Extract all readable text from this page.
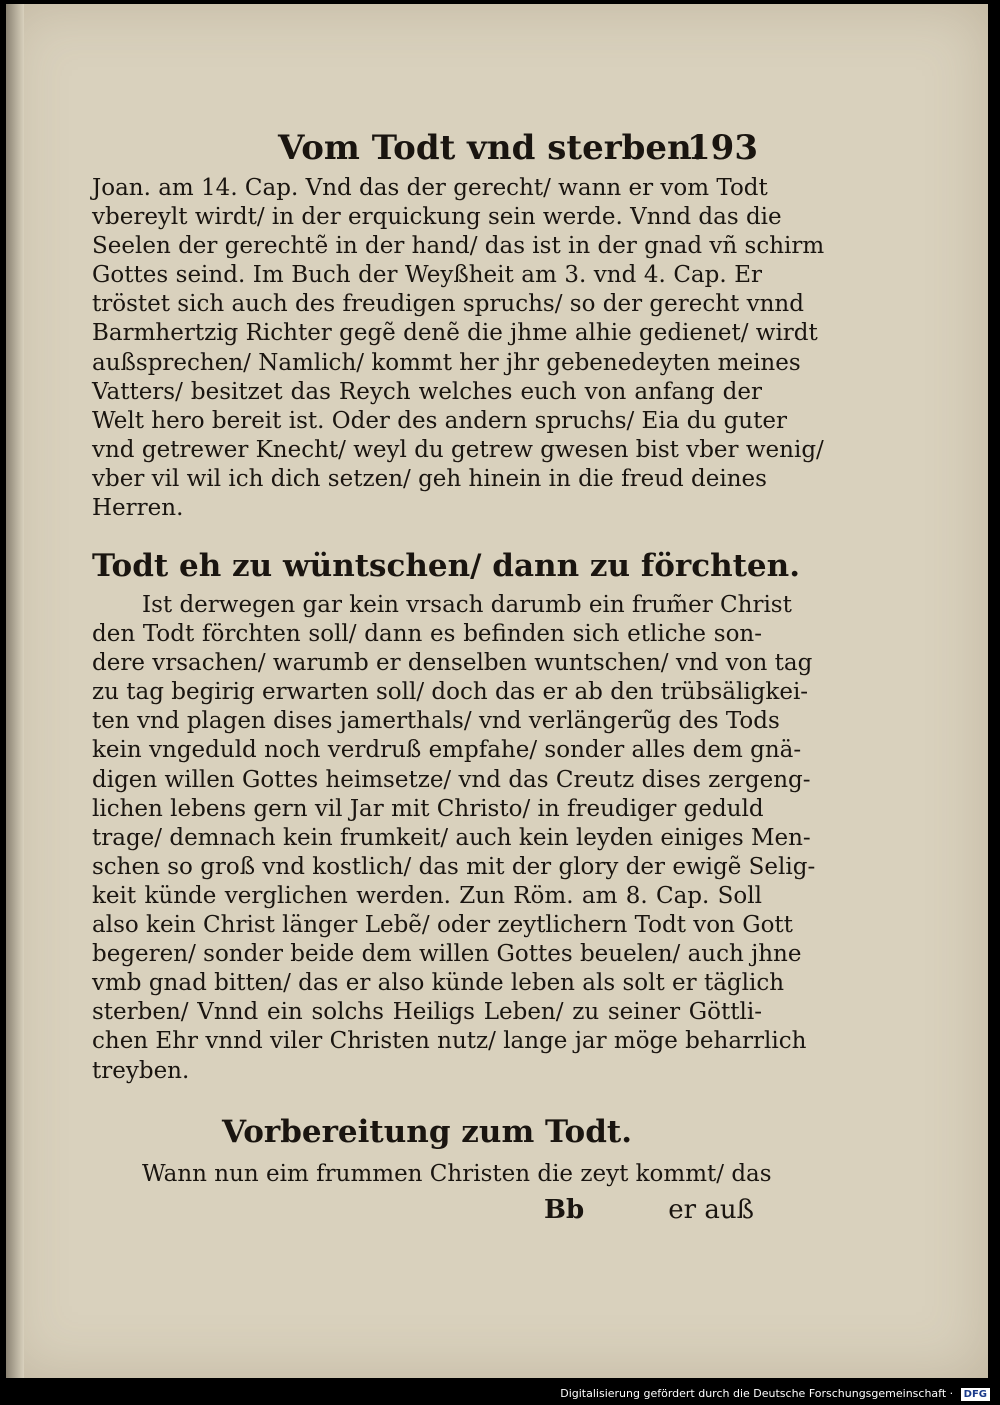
Vom Todt vnd sterben.
193
Joan. am 14. Cap. Vnd das der gerecht/ wann er vom Todt
vbereylt wirdt/ in der erquickung sein werde. Vnnd das die
Seelen der gerechtẽ in der hand/ das ist in der gnad vñ schirm
Gottes seind. Im Buch der Weyßheit am 3. vnd 4. Cap. Er
tröstet sich auch des freudigen spruchs/ so der gerecht vnnd
Barmhertzig Richter gegẽ denẽ die jhme alhie gedienet/ wirdt
außsprechen/ Namlich/ kommt her jhr gebenedeyten meines
Vatters/ besitzet das Reych welches euch von anfang der
Welt hero bereit ist. Oder des andern spruchs/ Eia du guter
vnd getrewer Knecht/ weyl du getrew gwesen bist vber wenig/
vber vil wil ich dich setzen/ geh hinein in die freud deines
Herren.
Todt eh zu wüntschen/ dann zu förchten.
Ist derwegen gar kein vrsach darumb ein frum̃er Christ
den Todt förchten soll/ dann es befinden sich etliche son-
dere vrsachen/ warumb er denselben wuntschen/ vnd von tag
zu tag begirig erwarten soll/ doch das er ab den trübsäligkei-
ten vnd plagen dises jamerthals/ vnd verlängerũg des Tods
kein vngeduld noch verdruß empfahe/ sonder alles dem gnä-
digen willen Gottes heimsetze/ vnd das Creutz dises zergeng-
lichen lebens gern vil Jar mit Christo/ in freudiger geduld
trage/ demnach kein frumkeit/ auch kein leyden einiges Men-
schen so groß vnd kostlich/ das mit der glory der ewigẽ Selig-
keit künde verglichen werden. Zun Röm. am 8. Cap. Soll
also kein Christ länger Lebẽ/ oder zeytlichern Todt von Gott
begeren/ sonder beide dem willen Gottes beuelen/ auch jhne
vmb gnad bitten/ das er also künde leben als solt er täglich
sterben/ Vnnd ein solchs Heiligs Leben/ zu seiner Göttli-
chen Ehr vnnd viler Christen nutz/ lange jar möge beharrlich
treyben.
Vorbereitung zum Todt.
Wann nun eim frummen Christen die zeyt kommt/ das
Bb	er auß
Digitalisierung gefördert durch die Deutsche Forschungsgemeinschaft · DFG
